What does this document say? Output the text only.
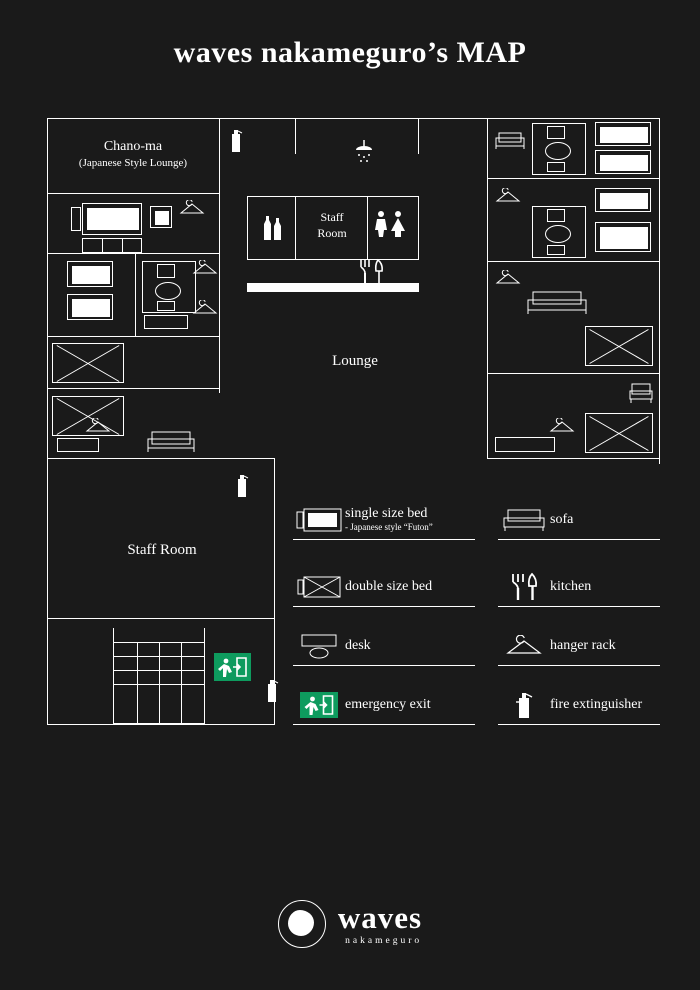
waves nakameguro’s MAP
Chano-ma
(Japanese Style Lounge)
Staff
Room
Lounge
Staff Room
single size bed
- Japanese style “Futon”
double size bed
desk
emergency exit
sofa
kitchen
hanger rack
fire extinguisher
waves
nakameguro
